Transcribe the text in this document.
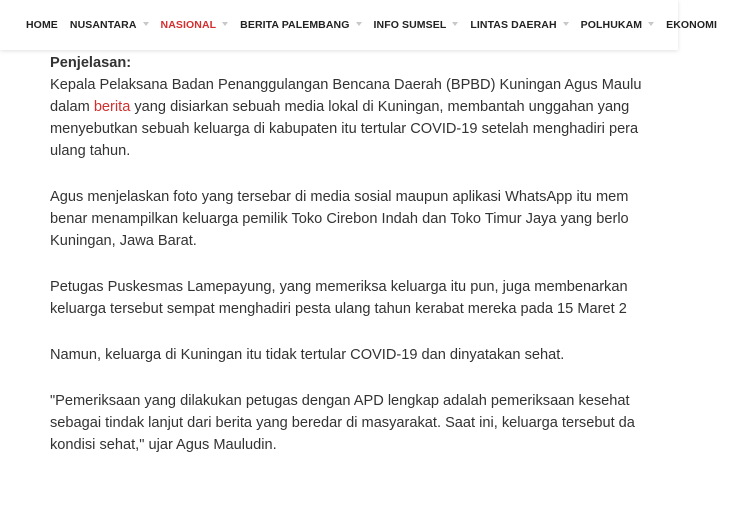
HOME NUSANTARA NASIONAL BERITA PALEMBANG INFO SUMSEL LINTAS DAERAH POLHUKAM EKONOMI

Penjelasan:

Kepala Pelaksana Badan Penanggulangan Bencana Daerah (BPBD) Kuningan Agus Maulu

dalam berita yang disiarkan sebuah media lokal di Kuningan, membantah unggahan yang

menyebutkan sebuah keluarga di kabupaten itu tertular COVID-19 setelah menghadiri pera

ulang tahun.

Agus menjelaskan foto yang tersebar di media sosial maupun aplikasi WhatsApp itu mem

benar menampilkan keluarga pemilik Toko Cirebon Indah dan Toko Timur Jaya yang berlo

Kuningan, Jawa Barat.

Petugas Puskesmas Lamepayung, yang memeriksa keluarga itu pun, juga membenarkan

keluarga tersebut sempat menghadiri pesta ulang tahun kerabat mereka pada 15 Maret 2

Namun, keluarga di Kuningan itu tidak tertular COVID-19 dan dinyatakan sehat.

"Pemeriksaan yang dilakukan petugas dengan APD lengkap adalah pemeriksaan kesehat

sebagai tindak lanjut dari berita yang beredar di masyarakat. Saat ini, keluarga tersebut da

kondisi sehat," ujar Agus Mauludin.
